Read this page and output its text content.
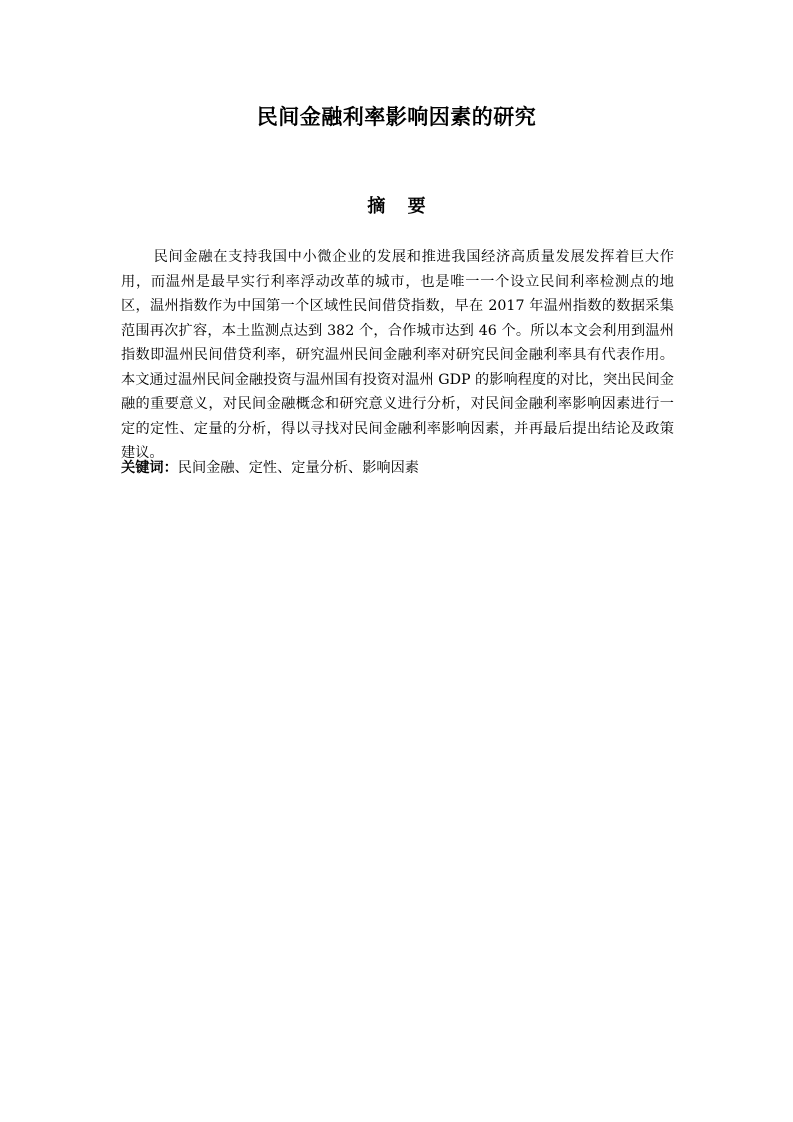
民间金融利率影响因素的研究
摘 要

民间金融在支持我国中小微企业的发展和推进我国经济高质量发展发挥着巨大作用，而温州是最早实行利率浮动改革的城市，也是唯一一个设立民间利率检测点的地区，温州指数作为中国第一个区域性民间借贷指数，早在 2017 年温州指数的数据采集范围再次扩容，本土监测点达到 382 个，合作城市达到 46 个。所以本文会利用到温州指数即温州民间借贷利率，研究温州民间金融利率对研究民间金融利率具有代表作用。本文通过温州民间金融投资与温州国有投资对温州 GDP 的影响程度的对比，突出民间金融的重要意义，对民间金融概念和研究意义进行分析，对民间金融利率影响因素进行一定的定性、定量的分析，得以寻找对民间金融利率影响因素，并再最后提出结论及政策建议。

关键词：民间金融、定性、定量分析、影响因素
